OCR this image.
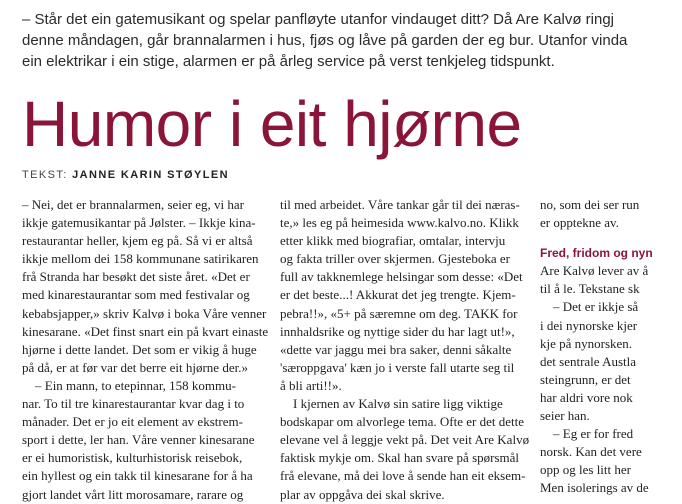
– Står det ein gatemusikant og spelar panfløyte utanfor vindauget ditt? Då Are Kalvø ringj
denne måndagen, går brannalarmen i hus, fjøs og låve på garden der eg bur. Utanfor vinda
ein elektrikar i ein stige, alarmen er på årleg service på verst tenkjeleg tidspunkt.
Humor i eit hjørne
TEKST: JANNE KARIN STØYLEN
– Nei, det er brannalarmen, seier eg, vi har
ikkje gatemusikantar på Jølster. – Ikkje kina-
restaurantar heller, kjem eg på. Så vi er altså
ikkje mellom dei 158 kommunane satirikaren
frå Stranda har besøkt det siste året. «Det er
med kinarestaurantar som med festivalar og
kebabsjapper,» skriv Kalvø i boka Våre venner
kinesarane. «Det finst snart ein på kvart einaste
hjørne i dette landet. Det som er vikig å huge
på då, er at før var det berre eit hjørne der.»
– Ein mann, to etepinnar, 158 kommu-
nar. To til tre kinarestaurantar kvar dag i to
månader. Det er jo eit element av ekstrem-
sport i dette, ler han. Våre venner kinesarane
er ei humoristisk, kulturhistorisk reisebok,
ein hyllest og ein takk til kinesarane for å ha
gjort landet vårt litt morosamare, rarare og
til med arbeidet. Våre tankar går til dei næras-
te,» les eg på heimesida www.kalvo.no. Klikk
etter klikk med biografiar, omtalar, intervju
og fakta triller over skjermen. Gjesteboka er
full av takknemlege helsingar som desse: «Det
er det beste...! Akkurat det jeg trengte. Kjem-
pebra!!», «5+ på særemne om deg. TAKK for
innhaldsrike og nyttige sider du har lagt ut!»,
«dette var jaggu mei bra saker, denni såkalte
'særoppgava' kæn jo i verste fall utarte seg til
å bli arti!!».
I kjernen av Kalvø sin satire ligg viktige
bodskapar om alvorlege tema. Ofte er det dette
elevane vel å leggje vekt på. Det veit Are Kalvø
faktisk mykje om. Skal han svare på spørsmål
frå elevane, må dei love å sende han eit eksem-
plar av oppgåva dei skal skrive.
no, som dei ser run
er opptekne av.
Fred, fridom og nyn
Are Kalvø lever av å
til å le. Tekstane sk
– Det er ikkje så
i dei nynorske kjer
kje på nynorsken.
det sentrale Austla
steingrunn, er det
har aldri vore nok
seier han.
– Eg er for fred
norsk. Kan det vere
opp og les litt her
Men isolerings av de
